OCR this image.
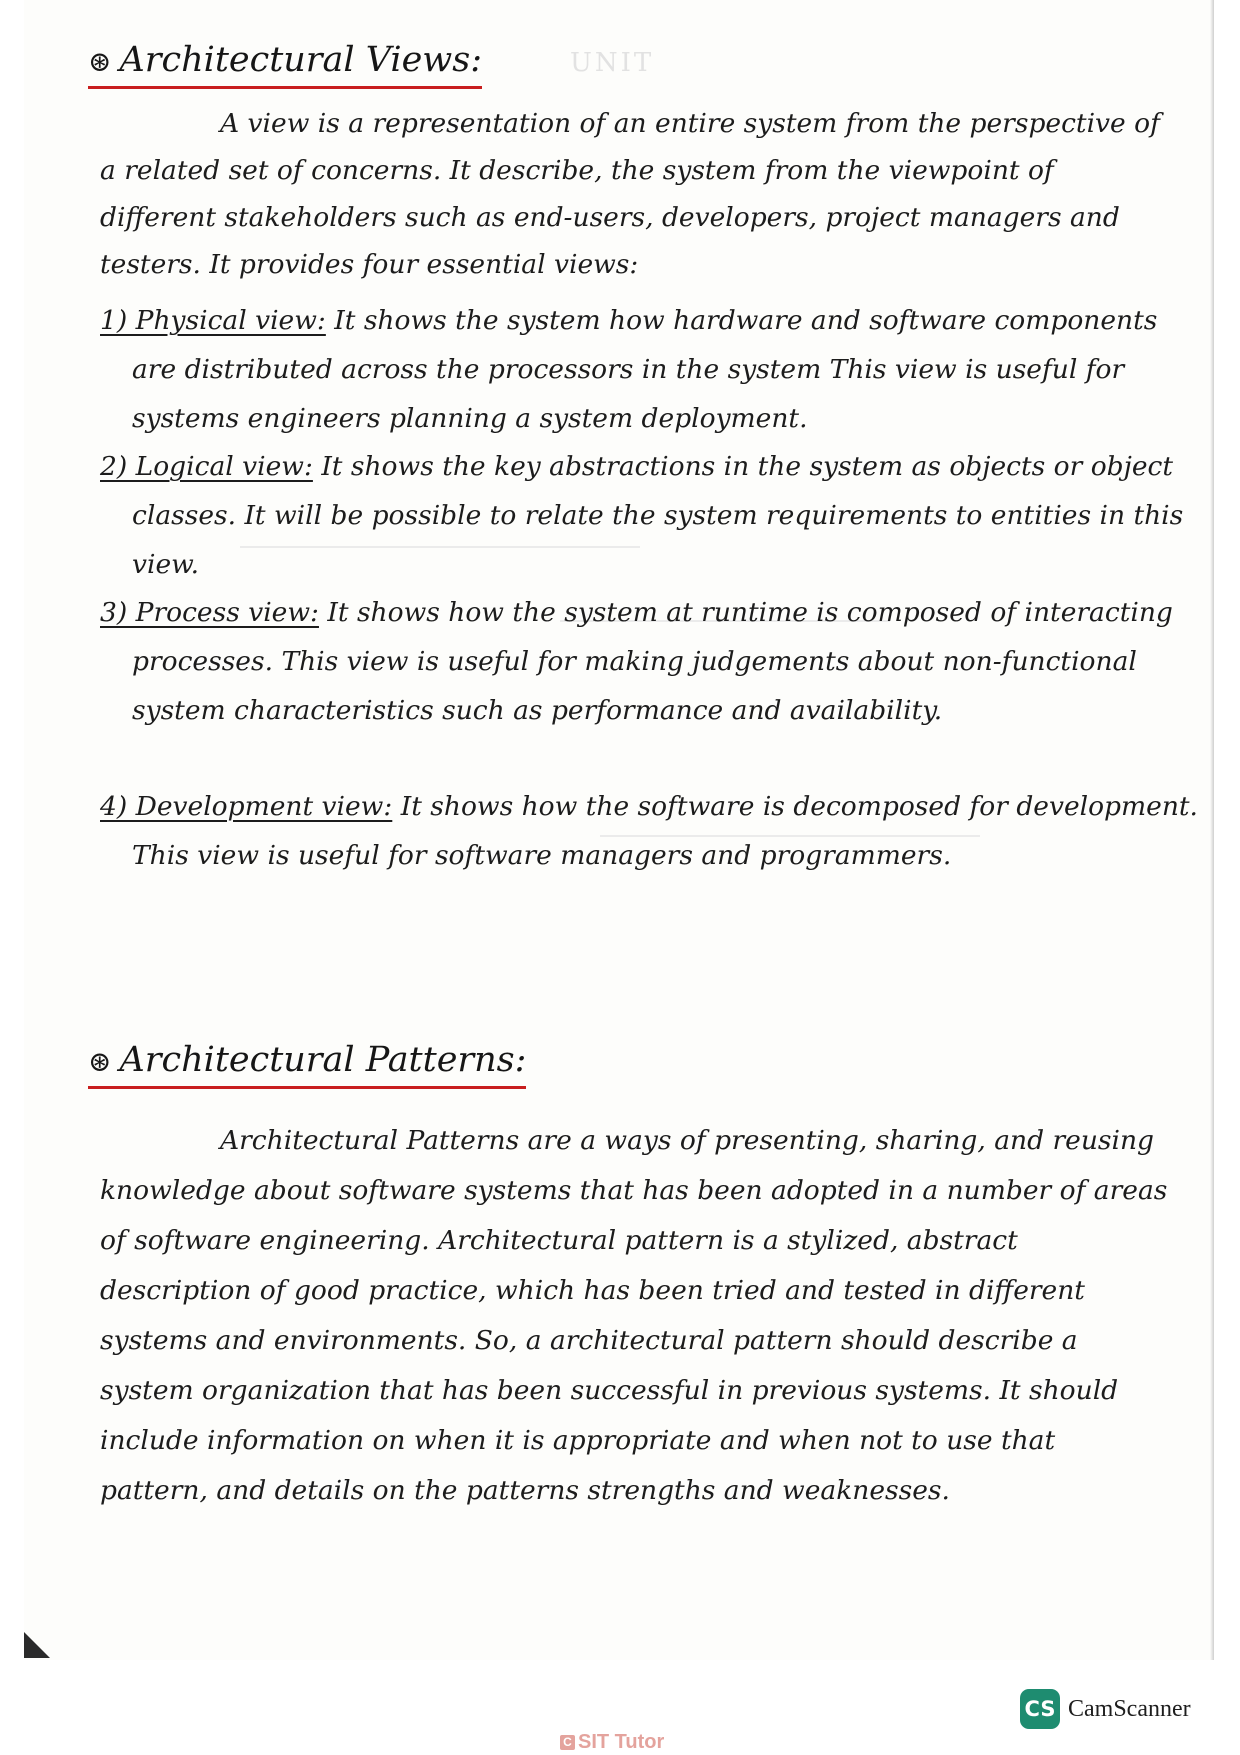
UNIT
⊛ Architectural Views:
A view is a representation of an entire system from the perspective of a related set of concerns. It describe, the system from the viewpoint of different stakeholders such as end-users, developers, project managers and testers. It provides four essential views:
1) Physical view: It shows the system how hardware and software components are distributed across the processors in the system This view is useful for systems engineers planning a system deployment.
2) Logical view: It shows the key abstractions in the system as objects or object classes. It will be possible to relate the system requirements to entities in this view.
3) Process view: It shows how the system at runtime is composed of interacting processes. This view is useful for making judgements about non-functional system characteristics such as performance and availability.
4) Development view: It shows how the software is decomposed for development. This view is useful for software managers and programmers.
⊛ Architectural Patterns:
Architectural Patterns are a ways of presenting, sharing, and reusing knowledge about software systems that has been adopted in a number of areas of software engineering. Architectural pattern is a stylized, abstract description of good practice, which has been tried and tested in different systems and environments. So, a architectural pattern should describe a system organization that has been successful in previous systems. It should include information on when it is appropriate and when not to use that pattern, and details on the patterns strengths and weaknesses.
CS CamScanner
C SIT Tutor
